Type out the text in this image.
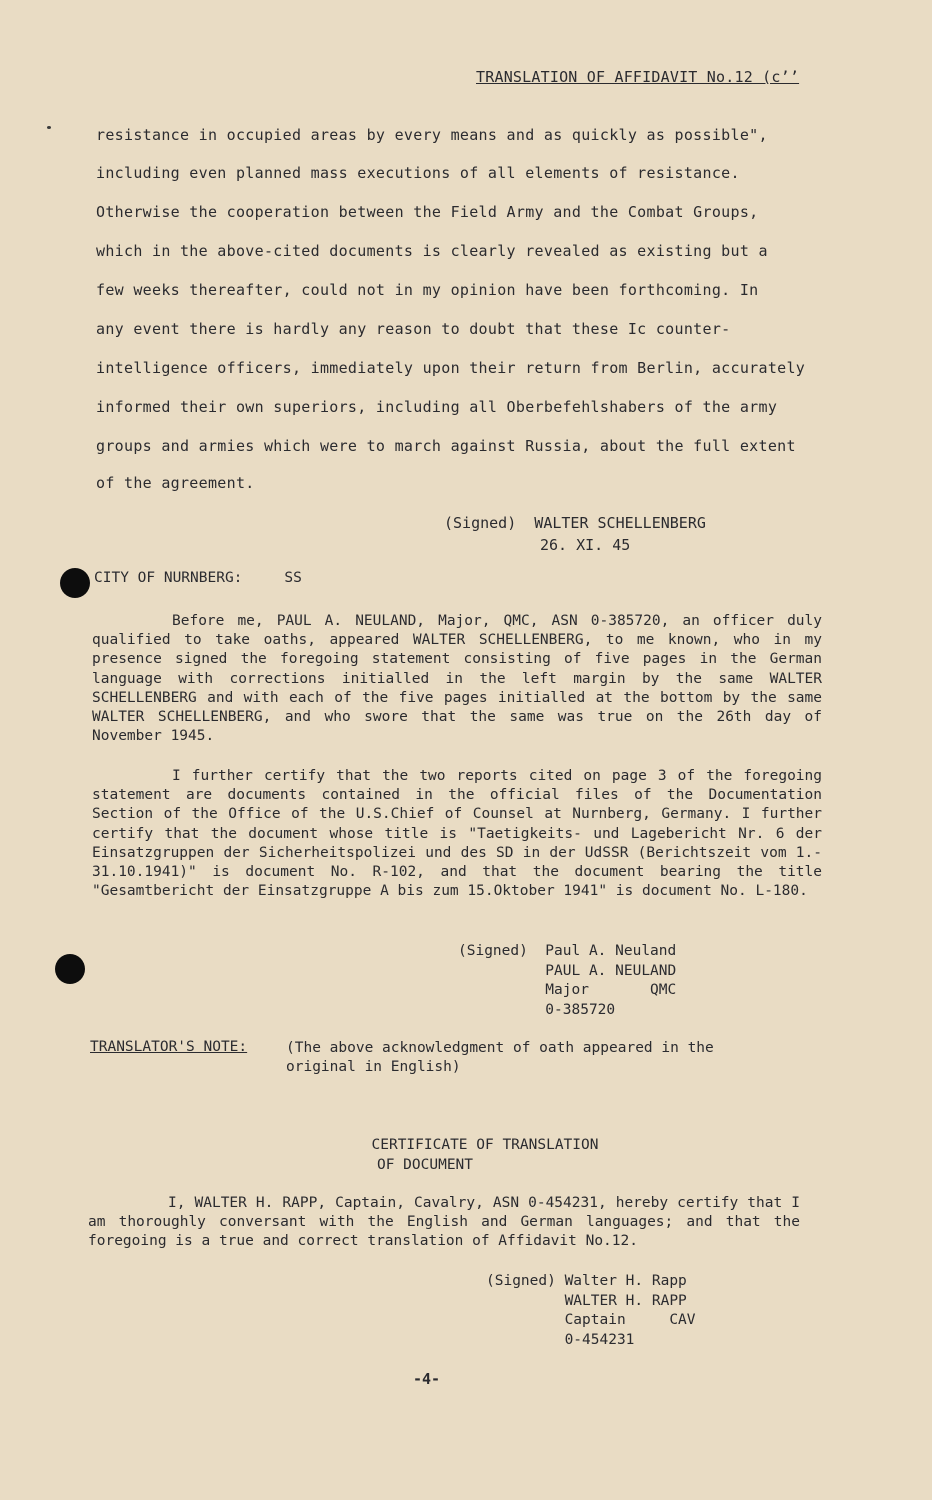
TRANSLATION OF AFFIDAVIT No.12 (c’’
resistance in occupied areas by every means and as quickly as possible",
including even planned mass executions of all elements of resistance.
Otherwise the cooperation between the Field Army and the Combat Groups,
which in the above-cited documents is clearly revealed as existing but a
few weeks thereafter, could not in my opinion have been forthcoming. In
any event there is hardly any reason to doubt that these Ic counter-
intelligence officers, immediately upon their return from Berlin, accurately
informed their own superiors, including all Oberbefehlshabers of the army
groups and armies which were to march against Russia, about the full extent
of the agreement.
(Signed)  WALTER SCHELLENBERG
26. XI. 45
CITY OF NURNBERG:	SS
Before me, PAUL A. NEULAND, Major, QMC, ASN 0-385720, an officer duly qualified to take oaths, appeared WALTER SCHELLENBERG, to me known, who in my presence signed the foregoing statement consisting of five pages in the German language with corrections initialled in the left margin by the same WALTER SCHELLENBERG and with each of the five pages initialled at the bottom by the same WALTER SCHELLENBERG, and who swore that the same was true on the 26th day of November 1945.
I further certify that the two reports cited on page 3 of the foregoing statement are documents contained in the official files of the Documentation Section of the Office of the U.S.Chief of Counsel at Nurnberg, Germany. I further certify that the document whose title is "Taetigkeits- und Lagebericht Nr. 6 der Einsatzgruppen der Sicherheitspolizei und des SD in der UdSSR (Berichtszeit vom 1.- 31.10.1941)" is document No. R-102, and that the document bearing the title "Gesamtbericht der Einsatzgruppe A bis zum 15.Oktober 1941" is document No. L-180.
(Signed)  Paul A. Neuland
PAUL A. NEULAND
Major       QMC
0-385720
TRANSLATOR'S NOTE:	(The above acknowledgment of oath appeared in the original in English)
CERTIFICATE OF TRANSLATION
OF DOCUMENT
I, WALTER H. RAPP, Captain, Cavalry, ASN 0-454231, hereby certify that I am thoroughly conversant with the English and German languages; and that the foregoing is a true and correct translation of Affidavit No.12.
(Signed) Walter H. Rapp
WALTER H. RAPP
Captain     CAV
0-454231
-4-
